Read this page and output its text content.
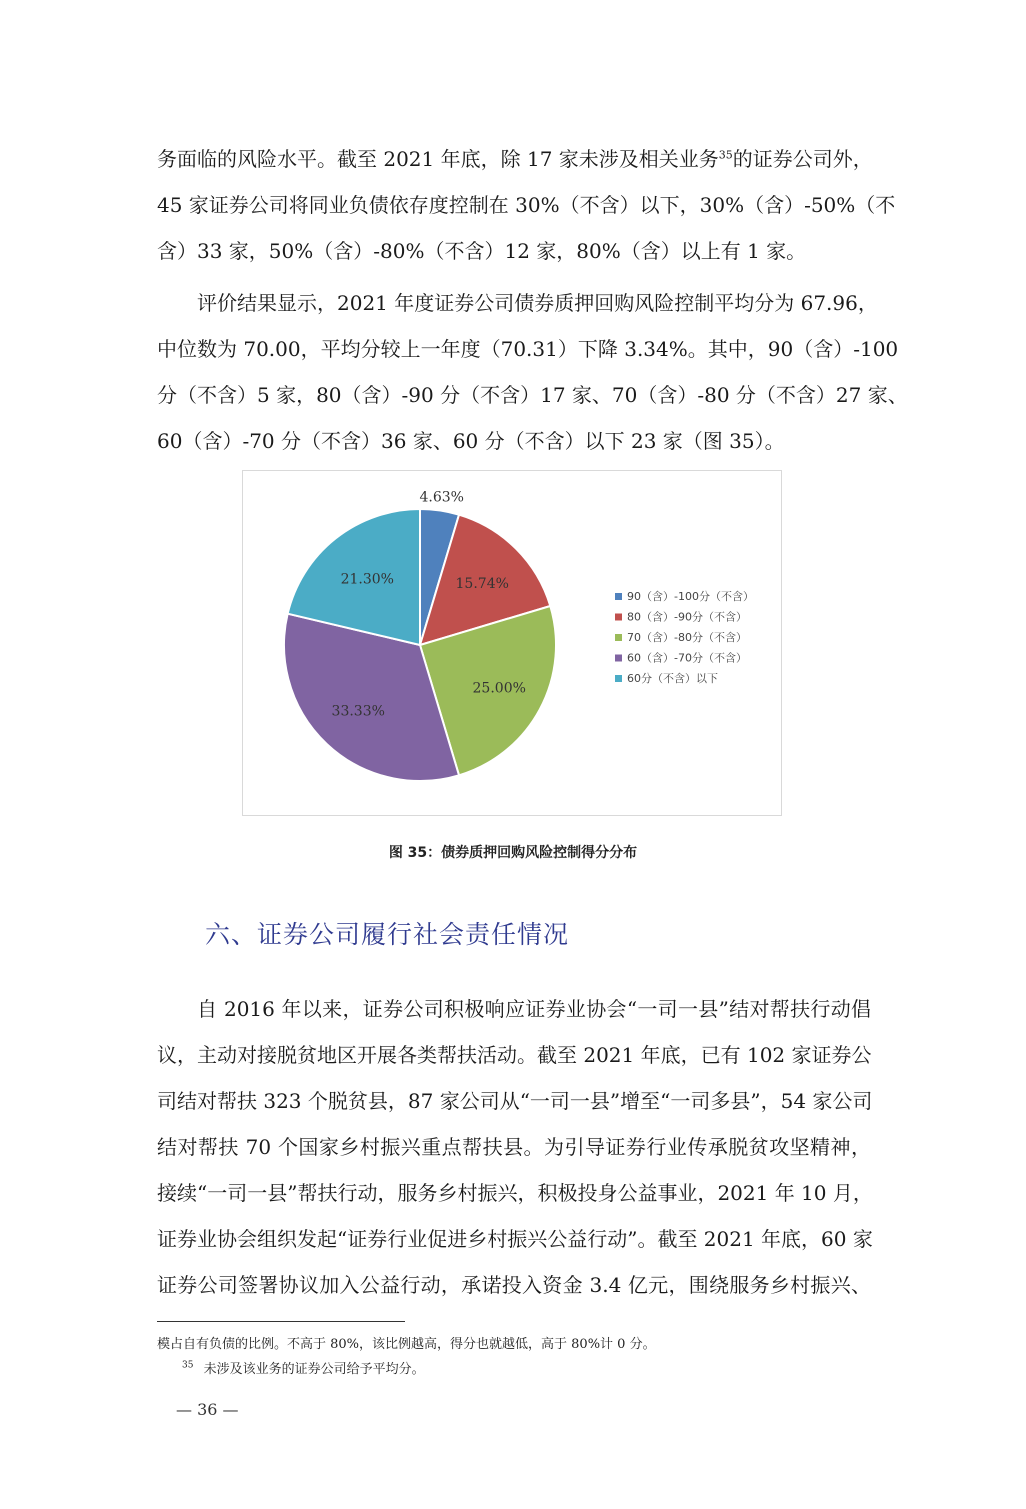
务面临的风险水平。截至 2021 年底，除 17 家未涉及相关业务$^{35}$的证券公司外，
45 家证券公司将同业负债依存度控制在 30%（不含）以下，30%（含）-50%（不
含）33 家，50%（含）-80%（不含）12 家，80%（含）以上有 1 家。
评价结果显示，2021 年度证券公司债券质押回购风险控制平均分为 67.96，
中位数为 70.00，平均分较上一年度（70.31）下降 3.34%。其中，90（含）-100
分（不含）5 家，80（含）-90 分（不含）17 家、70（含）-80 分（不含）27 家、
60（含）-70 分（不含）36 家、60 分（不含）以下 23 家（图 35）。
4.63%
15.74%
25.00%
33.33%
21.30%
90（含）-100分（不含）
80（含）-90分（不含）
70（含）-80分（不含）
60（含）-70分（不含）
60分（不含）以下
图 35：债券质押回购风险控制得分分布
六、证券公司履行社会责任情况
自 2016 年以来，证券公司积极响应证券业协会“一司一县”结对帮扶行动倡
议，主动对接脱贫地区开展各类帮扶活动。截至 2021 年底，已有 102 家证券公
司结对帮扶 323 个脱贫县，87 家公司从“一司一县”增至“一司多县”，54 家公司
结对帮扶 70 个国家乡村振兴重点帮扶县。为引导证券行业传承脱贫攻坚精神，
接续“一司一县”帮扶行动，服务乡村振兴，积极投身公益事业，2021 年 10 月，
证券业协会组织发起“证券行业促进乡村振兴公益行动”。截至 2021 年底，60 家
证券公司签署协议加入公益行动，承诺投入资金 3.4 亿元，围绕服务乡村振兴、
模占自有负债的比例。不高于 80%，该比例越高，得分也就越低，高于 80%计 0 分。
$^{35}$ 未涉及该业务的证券公司给予平均分。
— 36 —
